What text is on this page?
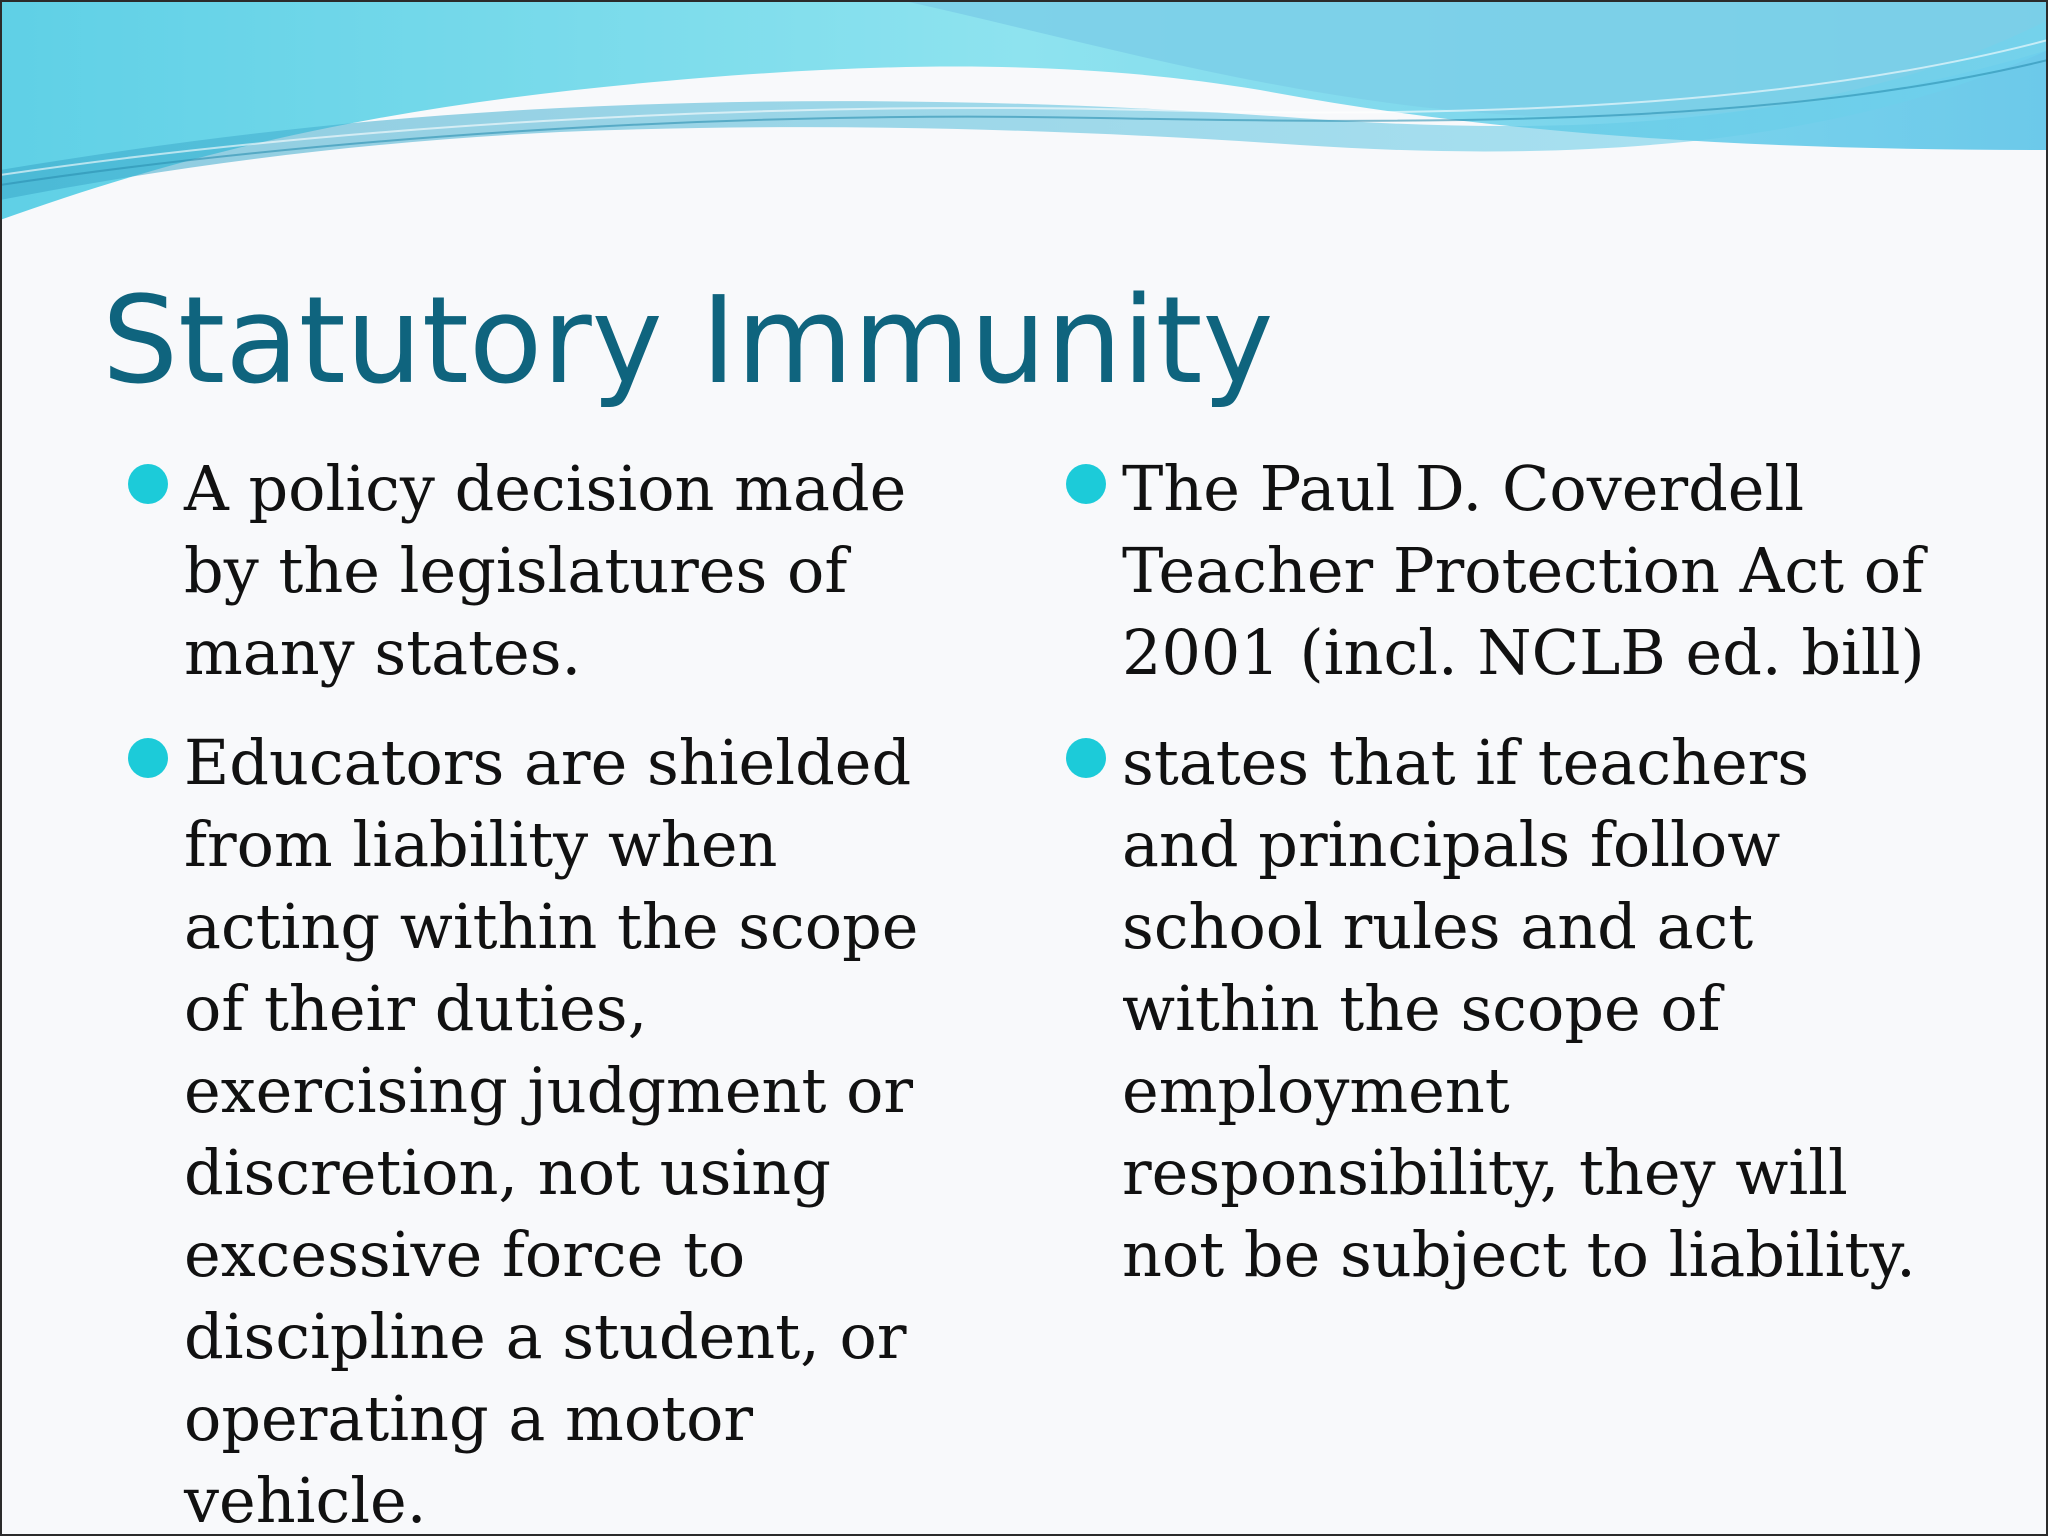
Statutory Immunity
A policy decision made by the legislatures of many states.
Educators are shielded from liability when acting within the scope of their duties, exercising judgment or discretion, not using excessive force to discipline a student, or operating a motor vehicle.
The Paul D. Coverdell Teacher Protection Act of 2001 (incl. NCLB ed. bill)
states that if teachers and principals follow school rules and act within the scope of employment responsibility, they will not be subject to liability.
